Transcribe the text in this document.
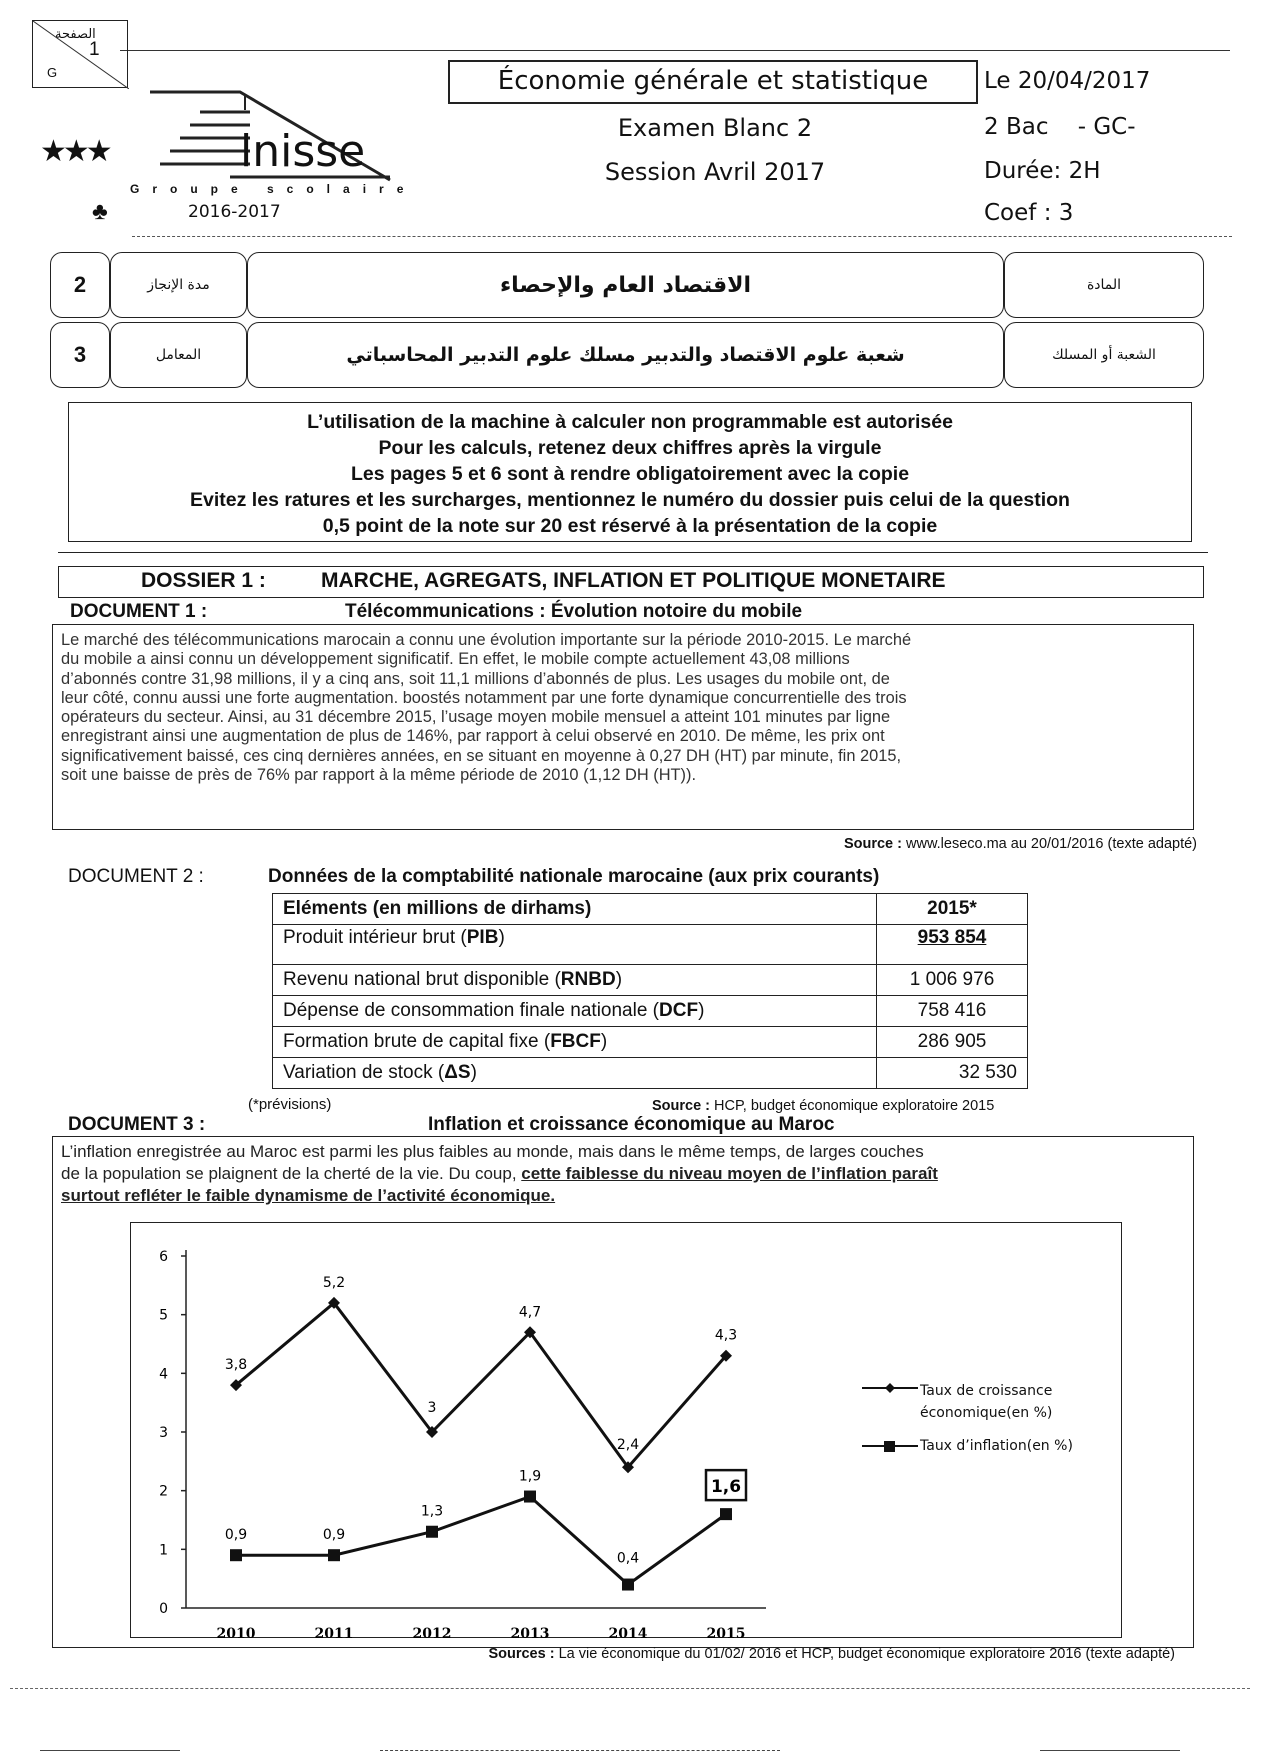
الصفحة
1
G
★★★	lnisse
Groupe scolaire
♣	2016-2017
Économie générale et statistique
Examen Blanc 2
Session Avril 2017
Le 20/04/2017
2 Bac    - GC-
Durée: 2H
Coef : 3
2	مدة الإنجاز	الاقتصاد العام والإحصاء	المادة
3	المعامل	شعبة علوم الاقتصاد والتدبير مسلك علوم التدبير المحاسباتي	الشعبة أو المسلك
L’utilisation de la machine à calculer non programmable est autorisée
Pour les calculs, retenez deux chiffres après la virgule
Les pages 5 et 6 sont à rendre obligatoirement avec la copie
Evitez les ratures et les surcharges, mentionnez le numéro du dossier puis celui de la question
0,5 point de la note sur 20 est réservé à la présentation de la copie
DOSSIER 1 :	MARCHE, AGREGATS, INFLATION ET POLITIQUE MONETAIRE
DOCUMENT 1 :	Télécommunications : Évolution notoire du mobile
Le marché des télécommunications marocain a connu une évolution importante sur la période 2010-2015. Le marché
du mobile a ainsi connu un développement significatif. En effet, le mobile compte actuellement 43,08 millions
d’abonnés contre 31,98 millions, il y a cinq ans, soit 11,1 millions d’abonnés de plus. Les usages du mobile ont, de
leur côté, connu aussi une forte augmentation. boostés notamment par une forte dynamique concurrentielle des trois
opérateurs du secteur. Ainsi, au 31 décembre 2015, l’usage moyen mobile mensuel a atteint 101 minutes par ligne
enregistrant ainsi une augmentation de plus de 146%, par rapport à celui observé en 2010. De même, les prix ont
significativement baissé, ces cinq dernières années, en se situant en moyenne à 0,27 DH (HT) par minute, fin 2015,
soit une baisse de près de 76% par rapport à la même période de 2010 (1,12 DH (HT)).
Source : www.leseco.ma au 20/01/2016 (texte adapté)
DOCUMENT 2 :	Données de la comptabilité nationale marocaine (aux prix courants)
Eléments (en millions de dirhams)	2015*
Produit intérieur brut (PIB)	953 854
Revenu national brut disponible (RNBD)	1 006 976
Dépense de consommation finale nationale (DCF)	758 416
Formation brute de capital fixe (FBCF)	286 905
Variation de stock (ΔS)	32 530
(*prévisions)	Source : HCP, budget économique exploratoire 2015
DOCUMENT 3 :	Inflation et croissance économique au Maroc
L’inflation enregistrée au Maroc est parmi les plus faibles au monde, mais dans le même temps, de larges couches
de la population se plaignent de la cherté de la vie. Du coup, cette faiblesse du niveau moyen de l’inflation paraît
surtout refléter le faible dynamisme de l’activité économique.
0
1
2
3
4
5
6
2010	2011	2012	2013	2014	2015
3,8
5,2
3
4,7
2,4
4,3
0,9	0,9
1,3
1,9
0,4
1,6
Taux de croissance économique(en %)
Taux d’inflation(en %)
Sources : La vie économique du 01/02/ 2016 et HCP, budget économique exploratoire 2016 (texte adapté)
